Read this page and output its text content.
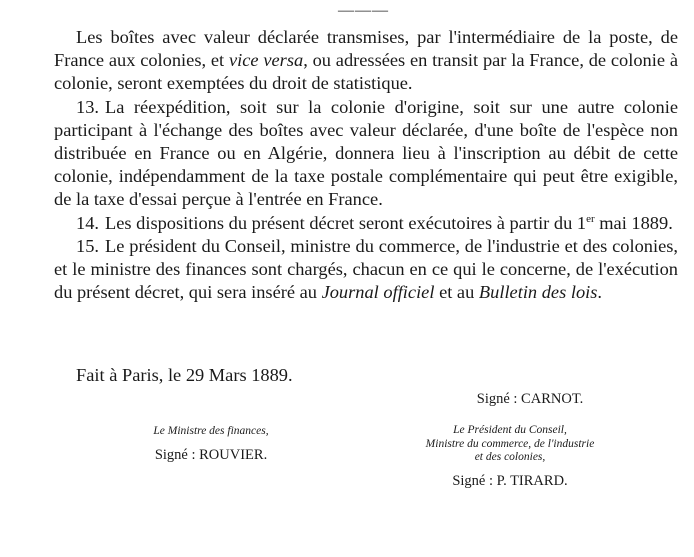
———

Les boîtes avec valeur déclarée transmises, par l'intermédiaire de la poste, de France aux colonies, et vice versa, ou adressées en transit par la France, de colonie à colonie, seront exemptées du droit de statistique.

13. La réexpédition, soit sur la colonie d'origine, soit sur une autre colonie participant à l'échange des boîtes avec valeur déclarée, d'une boîte de l'espèce non distribuée en France ou en Algérie, donnera lieu à l'inscription au débit de cette colonie, indépendamment de la taxe postale complémentaire qui peut être exigible, de la taxe d'essai perçue à l'entrée en France.

14. Les dispositions du présent décret seront exécutoires à partir du 1er mai 1889.

15. Le président du Conseil, ministre du commerce, de l'industrie et des colonies, et le ministre des finances sont chargés, chacun en ce qui le concerne, de l'exécution du présent décret, qui sera inséré au Journal officiel et au Bulletin des lois.

Fait à Paris, le 29 Mars 1889.
Signé : CARNOT.
Le Ministre des finances,
Signé : ROUVIER.
Le Président du Conseil,
Ministre du commerce, de l'industrie
et des colonies,
Signé : P. TIRARD.
